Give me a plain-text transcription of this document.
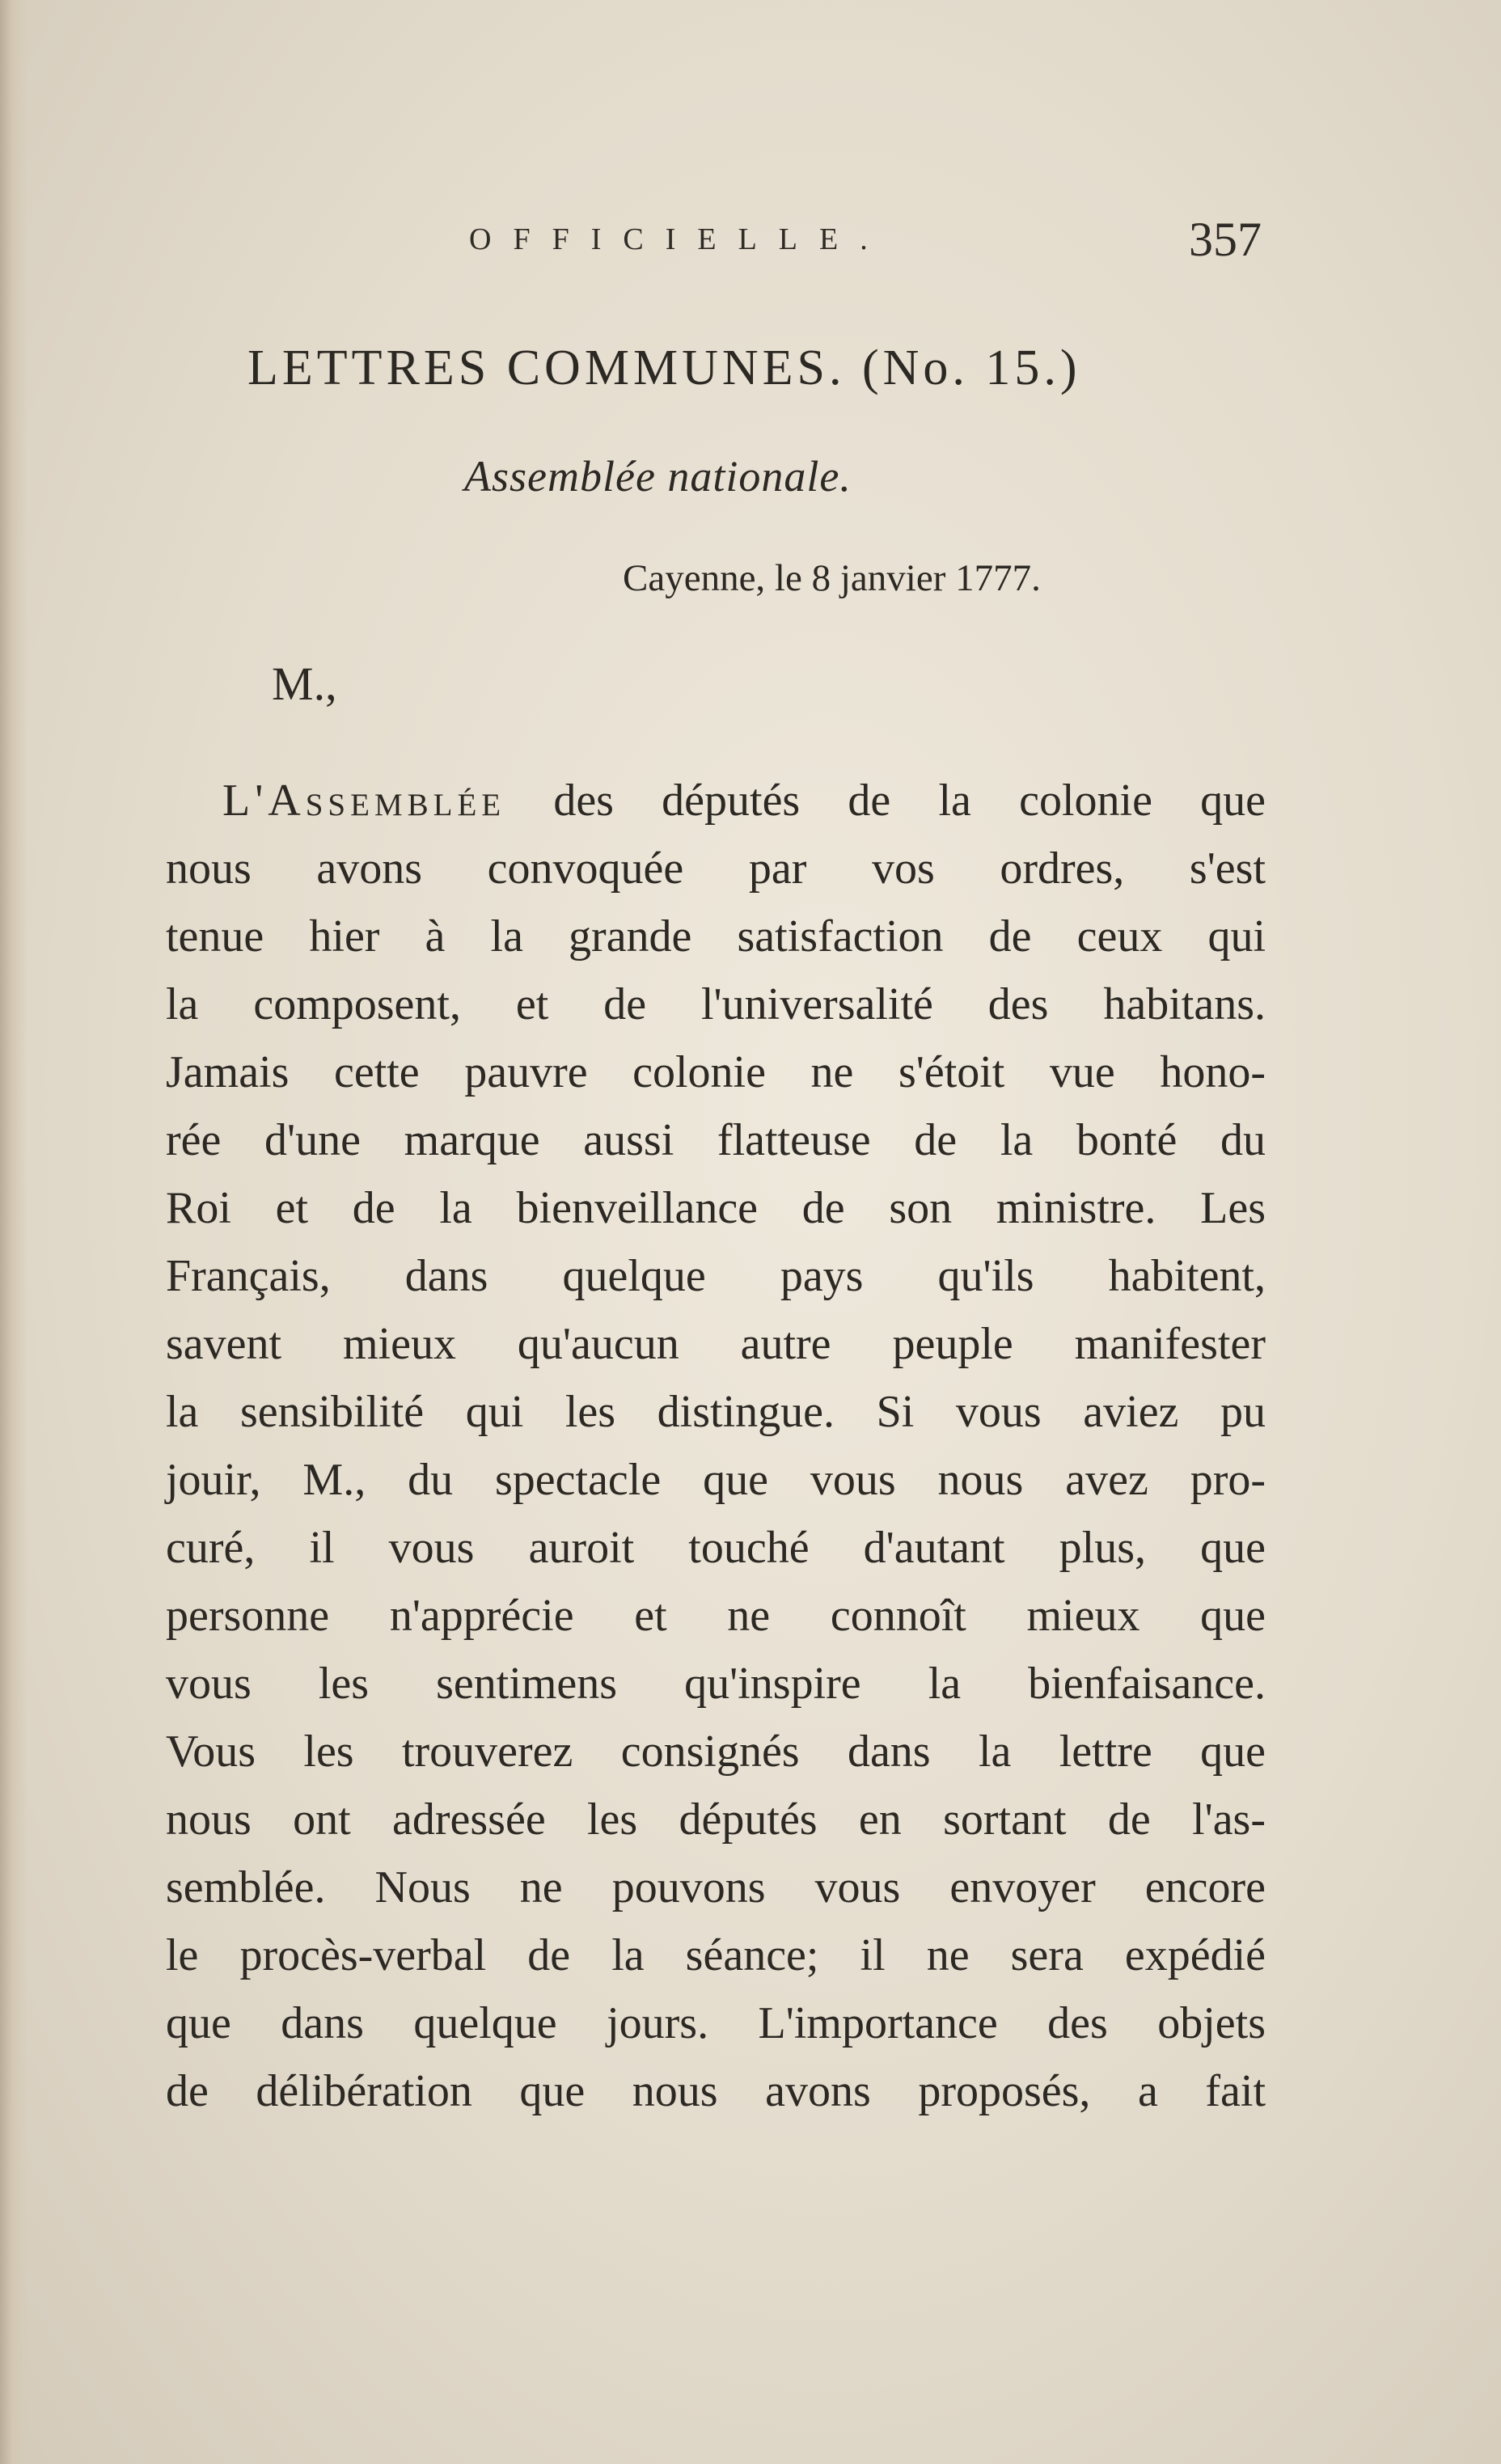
OFFICIELLE.	357
LETTRES COMMUNES. (No. 15.)
Assemblée nationale.
Cayenne, le 8 janvier 1777.
M.,
L'Assemblée des députés de la colonie que
nous avons convoquée par vos ordres, s'est
tenue hier à la grande satisfaction de ceux qui
la composent, et de l'universalité des habitans.
Jamais cette pauvre colonie ne s'étoit vue hono-
rée d'une marque aussi flatteuse de la bonté du
Roi et de la bienveillance de son ministre. Les
Français, dans quelque pays qu'ils habitent,
savent mieux qu'aucun autre peuple manifester
la sensibilité qui les distingue. Si vous aviez pu
jouir, M., du spectacle que vous nous avez pro-
curé, il vous auroit touché d'autant plus, que
personne n'apprécie et ne connoît mieux que
vous les sentimens qu'inspire la bienfaisance.
Vous les trouverez consignés dans la lettre que
nous ont adressée les députés en sortant de l'as-
semblée. Nous ne pouvons vous envoyer encore
le procès-verbal de la séance; il ne sera expédié
que dans quelque jours. L'importance des objets
de délibération que nous avons proposés, a fait
